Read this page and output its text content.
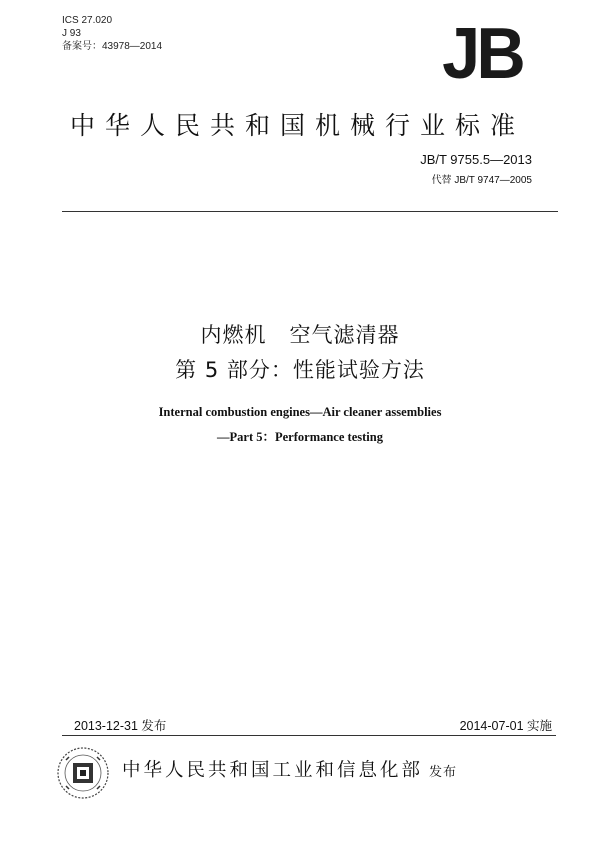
ICS 27.020
J 93
备案号：43978—2014	JB
中华人民共和国机械行业标准
JB/T 9755.5—2013
代替 JB/T 9747—2005
内燃机   空气滤清器
第 5 部分：性能试验方法
Internal combustion engines—Air cleaner assemblies
—Part 5：Performance testing
2013-12-31 发布	2014-07-01 实施
中华人民共和国工业和信息化部 发布
